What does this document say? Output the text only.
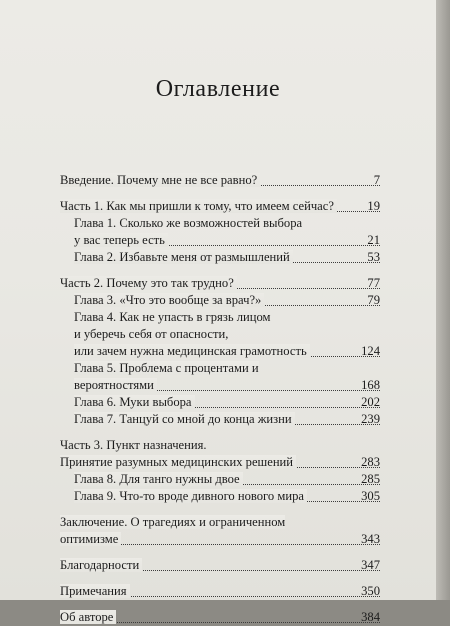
Оглавление
Введение. Почему мне не все равно?	7
Часть 1. Как мы пришли к тому, что имеем сейчас?	19
Глава 1. Сколько же возможностей выбора
у вас теперь есть	21
Глава 2. Избавьте меня от размышлений	53
Часть 2. Почему это так трудно?	77
Глава 3. «Что это вообще за врач?»	79
Глава 4. Как не упасть в грязь лицом
и уберечь себя от опасности,
или зачем нужна медицинская грамотность	124
Глава 5. Проблема с процентами и вероятностями	168
Глава 6. Муки выбора	202
Глава 7. Танцуй со мной до конца жизни	239
Часть 3. Пункт назначения.
Принятие разумных медицинских решений	283
Глава 8. Для танго нужны двое	285
Глава 9. Что-то вроде дивного нового мира	305
Заключение. О трагедиях и ограниченном оптимизме	343
Благодарности	347
Примечания	350
Об авторе	384
